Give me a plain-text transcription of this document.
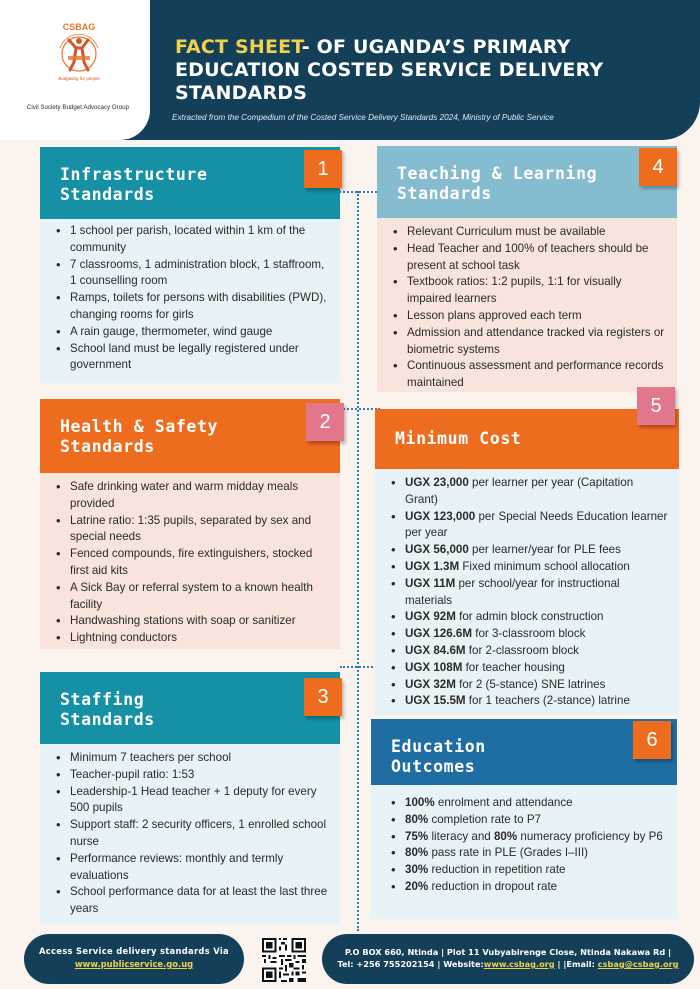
CSBAG
Budgeting for people
Civil Society Budget Advocacy Group
FACT SHEET- OF UGANDA’S PRIMARY EDUCATION COSTED SERVICE DELIVERY STANDARDS
Extracted from the Compedium of the Costed Service Delivery Standards 2024, Ministry of Public Service
• 1 school per parish, located within 1 km of the community
• 7 classrooms, 1 administration block, 1 staffroom, 1 counselling room
• Ramps, toilets for persons with disabilities (PWD), changing rooms for girls
• A rain gauge, thermometer, wind gauge
• School land must be legally registered under government
Infrastructure
Standards
1
• Safe drinking water and warm midday meals provided
• Latrine ratio: 1:35 pupils, separated by sex and special needs
• Fenced compounds, fire extinguishers, stocked first aid kits
• A Sick Bay or referral system to a known health facility
• Handwashing stations with soap or sanitizer
• Lightning conductors
Health & Safety
Standards
2
• Minimum 7 teachers per school
• Teacher-pupil ratio: 1:53
• Leadership-1 Head teacher + 1 deputy for every 500 pupils
• Support staff: 2 security officers, 1 enrolled school nurse
• Performance reviews: monthly and termly evaluations
• School performance data for at least the last three years
Staffing
Standards
3
• Relevant Curriculum must be available
• Head Teacher and 100% of teachers should be present at school task
• Textbook ratios: 1:2 pupils, 1:1 for visually impaired learners
• Lesson plans approved each term
• Admission and attendance tracked via registers or biometric systems
• Continuous assessment and performance records maintained
Teaching & Learning
Standards
4
• UGX 23,000 per learner per year (Capitation Grant)
• UGX 123,000 per Special Needs Education learner per year
• UGX 56,000 per learner/year for PLE fees
• UGX 1.3M Fixed minimum school allocation
• UGX 11M per school/year for instructional materials
• UGX 92M for admin block construction
• UGX 126.6M for 3-classroom block
• UGX 84.6M for 2-classroom block
• UGX 108M for teacher housing
• UGX 32M for 2 (5-stance) SNE latrines
• UGX 15.5M for 1 teachers (2-stance) latrine
Minimum Cost
5
• 100% enrolment and attendance
• 80% completion rate to P7
• 75% literacy and 80% numeracy proficiency by P6
• 80% pass rate in PLE (Grades I–III)
• 30% reduction in repetition rate
• 20% reduction in dropout rate
Education
Outcomes
6
Access Service delivery standards Via
www.publicservice.go.ug
P.O BOX 660, Ntinda | Plot 11 Vubyabirenge Close, Ntinda Nakawa Rd |
Tel: +256 755202154 | Website:www.csbag.org | |Email: csbag@csbag.org
